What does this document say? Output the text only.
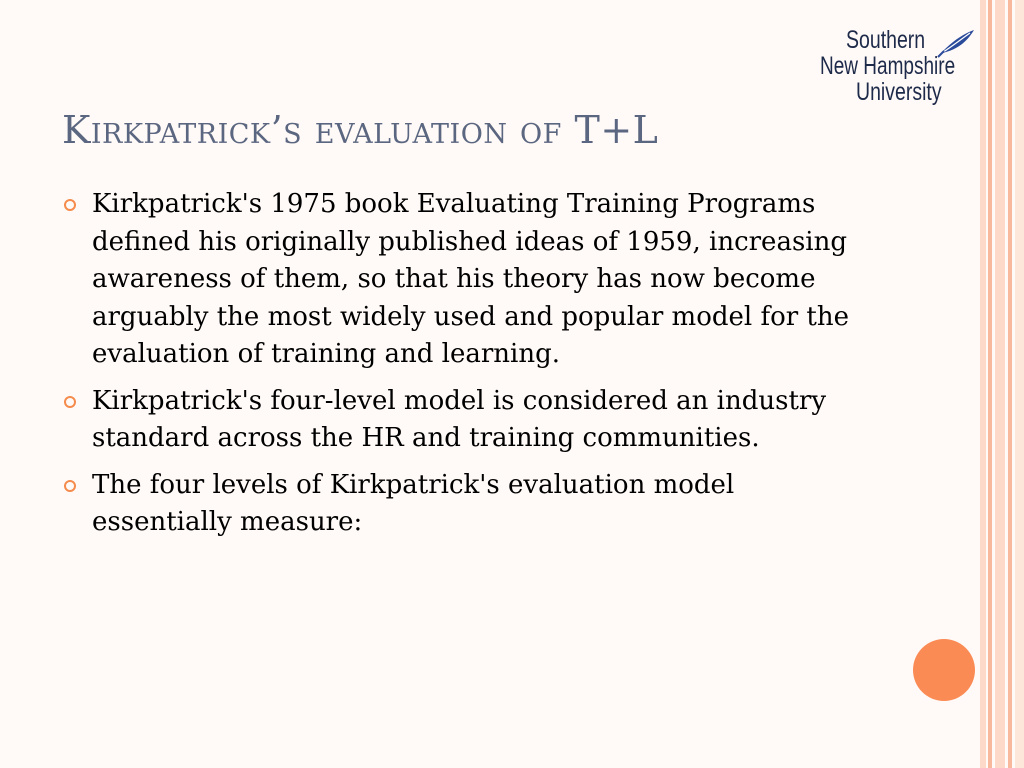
Southern
New Hampshire
University
Kirkpatrick’s evaluation of T+L
Kirkpatrick's 1975 book Evaluating Training Programs defined his originally published ideas of 1959, increasing awareness of them, so that his theory has now become arguably the most widely used and popular model for the evaluation of training and learning.
Kirkpatrick's four-level model is considered an industry standard across the HR and training communities.
The four levels of Kirkpatrick's evaluation model essentially measure:
